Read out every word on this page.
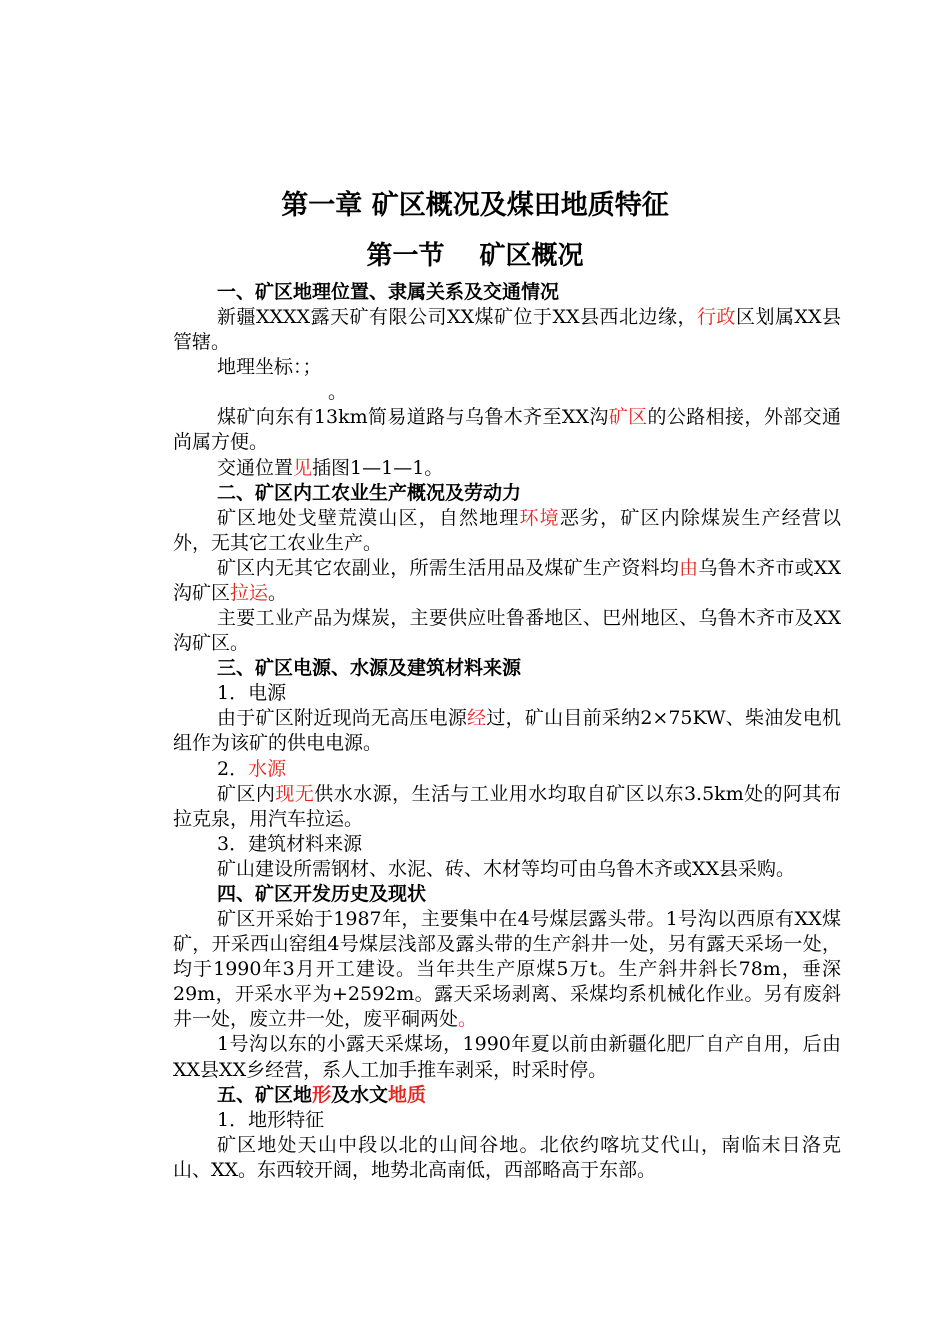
第一章 矿区概况及煤田地质特征
第一节　 矿区概况
一、矿区地理位置、隶属关系及交通情况
新疆XXXX露天矿有限公司XX煤矿位于XX县西北边缘，行政区划属XX县管辖。
地理坐标：；
。
煤矿向东有13km简易道路与乌鲁木齐至XX沟矿区的公路相接，外部交通尚属方便。
交通位置见插图1—1—1。
二、矿区内工农业生产概况及劳动力
矿区地处戈壁荒漠山区，自然地理环境恶劣，矿区内除煤炭生产经营以外，无其它工农业生产。
矿区内无其它农副业，所需生活用品及煤矿生产资料均由乌鲁木齐市或XX沟矿区拉运。
主要工业产品为煤炭，主要供应吐鲁番地区、巴州地区、乌鲁木齐市及XX沟矿区。
三、矿区电源、水源及建筑材料来源
1．电源
由于矿区附近现尚无高压电源经过，矿山目前采纳2×75KW、柴油发电机组作为该矿的供电电源。
2．水源
矿区内现无供水水源，生活与工业用水均取自矿区以东3.5km处的阿其布拉克泉，用汽车拉运。
3．建筑材料来源
矿山建设所需钢材、水泥、砖、木材等均可由乌鲁木齐或XX县采购。
四、矿区开发历史及现状
矿区开采始于1987年，主要集中在4号煤层露头带。1号沟以西原有XX煤矿，开采西山窑组4号煤层浅部及露头带的生产斜井一处，另有露天采场一处，均于1990年3月开工建设。当年共生产原煤5万t。生产斜井斜长78m，垂深29m，开采水平为+2592m。露天采场剥离、采煤均系机械化作业。另有废斜井一处，废立井一处，废平硐两处。
1号沟以东的小露天采煤场，1990年夏以前由新疆化肥厂自产自用，后由XX县XX乡经营，系人工加手推车剥采，时采时停。
五、矿区地形及水文地质
1．地形特征
矿区地处天山中段以北的山间谷地。北依约喀坑艾代山，南临末日洛克山、XX。东西较开阔，地势北高南低，西部略高于东部。
